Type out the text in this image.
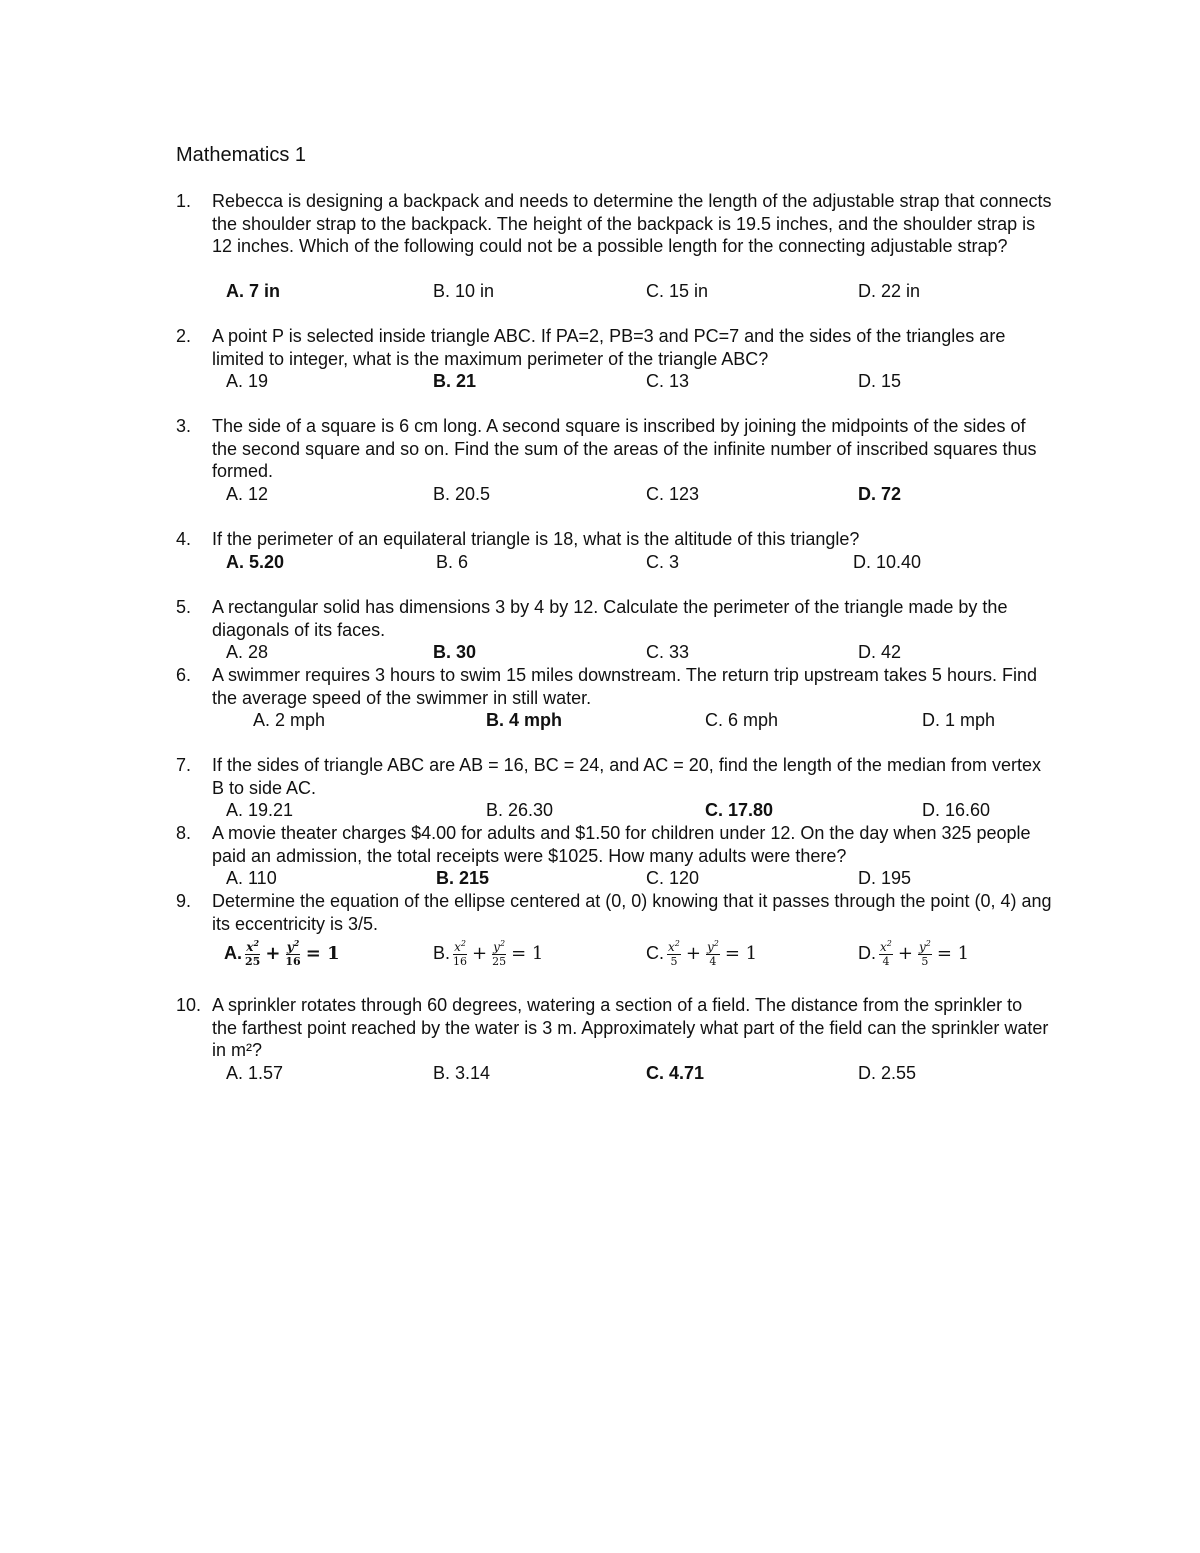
Mathematics 1
1. Rebecca is designing a backpack and needs to determine the length of the adjustable strap that connects the shoulder strap to the backpack. The height of the backpack is 19.5 inches, and the shoulder strap is 12 inches. Which of the following could not be a possible length for the connecting adjustable strap?
A. 7 in	B. 10 in	C. 15 in	D. 22 in
2. A point P is selected inside triangle ABC. If PA=2, PB=3 and PC=7 and the sides of the triangles are limited to integer, what is the maximum perimeter of the triangle ABC?
A. 19	B. 21	C. 13	D. 15
3. The side of a square is 6 cm long. A second square is inscribed by joining the midpoints of the sides of the second square and so on. Find the sum of the areas of the infinite number of inscribed squares thus formed.
A. 12	B. 20.5	C. 123	D. 72
4. If the perimeter of an equilateral triangle is 18, what is the altitude of this triangle?
A. 5.20	B. 6	C. 3	D. 10.40
5. A rectangular solid has dimensions 3 by 4 by 12. Calculate the perimeter of the triangle made by the diagonals of its faces.
A. 28	B. 30	C. 33	D. 42
6. A swimmer requires 3 hours to swim 15 miles downstream. The return trip upstream takes 5 hours. Find the average speed of the swimmer in still water.
A. 2 mph	B. 4 mph	C. 6 mph	D. 1 mph
7. If the sides of triangle ABC are AB = 16, BC = 24, and AC = 20, find the length of the median from vertex B to side AC.
A. 19.21	B. 26.30	C. 17.80	D. 16.60
8. A movie theater charges $4.00 for adults and $1.50 for children under 12. On the day when 325 people paid an admission, the total receipts were $1025. How many adults were there?
A. 110	B. 215	C. 120	D. 195
9. Determine the equation of the ellipse centered at (0, 0) knowing that it passes through the point (0, 4) ang its eccentricity is 3/5.
A. $\frac{x^2}{25} + \frac{y^2}{16} = 1$	B. $\frac{x^2}{16} + \frac{y^2}{25} = 1$	C. $\frac{x^2}{5} + \frac{y^2}{4} = 1$	D. $\frac{x^2}{4} + \frac{y^2}{5} = 1$
10. A sprinkler rotates through 60 degrees, watering a section of a field. The distance from the sprinkler to the farthest point reached by the water is 3 m. Approximately what part of the field can the sprinkler water in m²?
A. 1.57	B. 3.14	C. 4.71	D. 2.55
